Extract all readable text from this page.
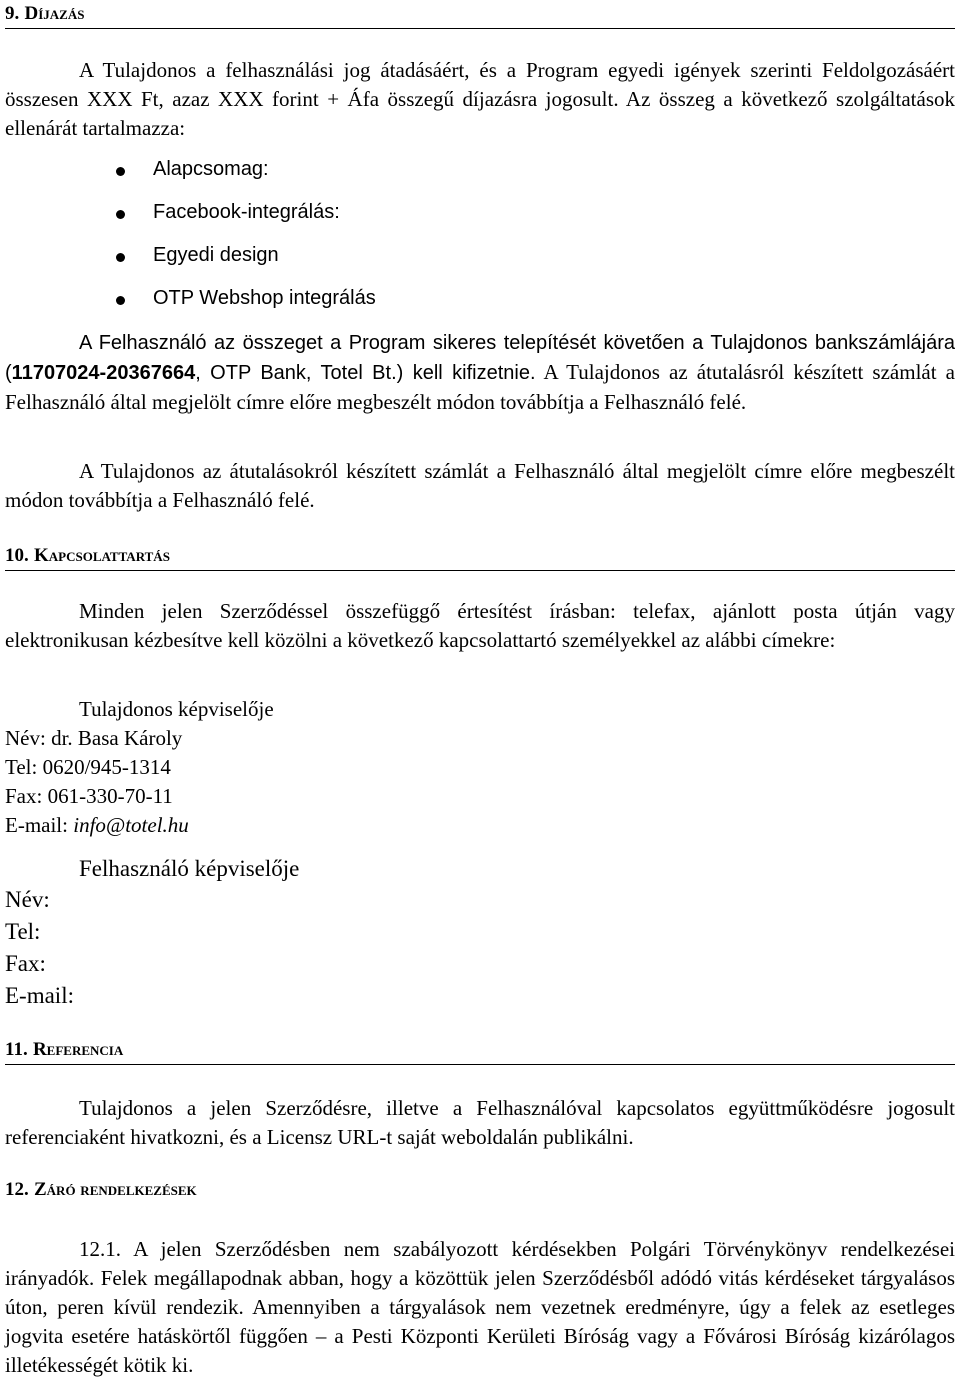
9. Díjazás
A Tulajdonos a felhasználási jog átadásáért, és a Program egyedi igények szerinti Feldolgozásáért összesen XXX Ft, azaz XXX forint + Áfa összegű díjazásra jogosult. Az összeg a következő szolgáltatások ellenárát tartalmazza:
Alapcsomag:
Facebook-integrálás:
Egyedi design
OTP Webshop integrálás
A Felhasználó az összeget a Program sikeres telepítését követően a Tulajdonos bankszámlájára (11707024-20367664, OTP Bank, Totel Bt.) kell kifizetnie. A Tulajdonos az átutalásról készített számlát a Felhasználó által megjelölt címre előre megbeszélt módon továbbítja a Felhasználó felé.
A Tulajdonos az átutalásokról készített számlát a Felhasználó által megjelölt címre előre megbeszélt módon továbbítja a Felhasználó felé.
10. Kapcsolattartás
Minden jelen Szerződéssel összefüggő értesítést írásban: telefax, ajánlott posta útján vagy elektronikusan kézbesítve kell közölni a következő kapcsolattartó személyekkel az alábbi címekre:
Tulajdonos képviselője
Név: dr. Basa Károly
Tel: 0620/945-1314
Fax: 061-330-70-11
E-mail: info@totel.hu
Felhasználó képviselője
Név:
Tel:
Fax:
E-mail:
11. Referencia
Tulajdonos a jelen Szerződésre, illetve a Felhasználóval kapcsolatos együttműködésre jogosult referenciaként hivatkozni, és a Licensz URL-t saját weboldalán publikálni.
12. Záró rendelkezések
12.1. A jelen Szerződésben nem szabályozott kérdésekben Polgári Törvénykönyv rendelkezései irányadók. Felek megállapodnak abban, hogy a közöttük jelen Szerződésből adódó vitás kérdéseket tárgyalásos úton, peren kívül rendezik. Amennyiben a tárgyalások nem vezetnek eredményre, úgy a felek az esetleges jogvita esetére hatáskörtől függően – a Pesti Központi Kerületi Bíróság vagy a Fővárosi Bíróság kizárólagos illetékességét kötik ki.
